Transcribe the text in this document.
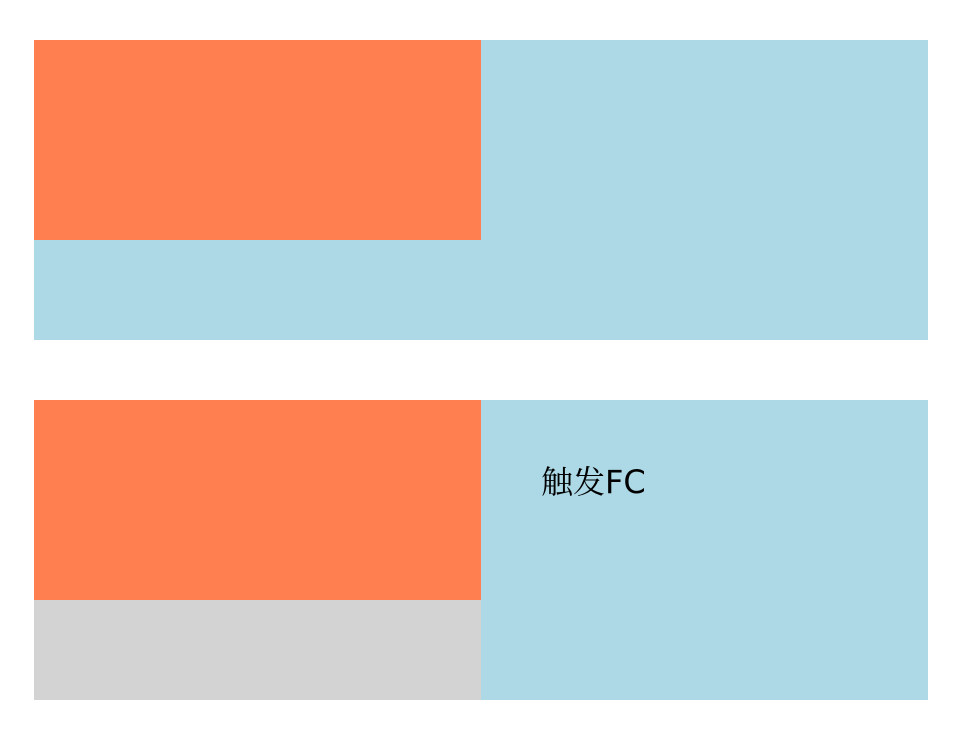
触发FC
